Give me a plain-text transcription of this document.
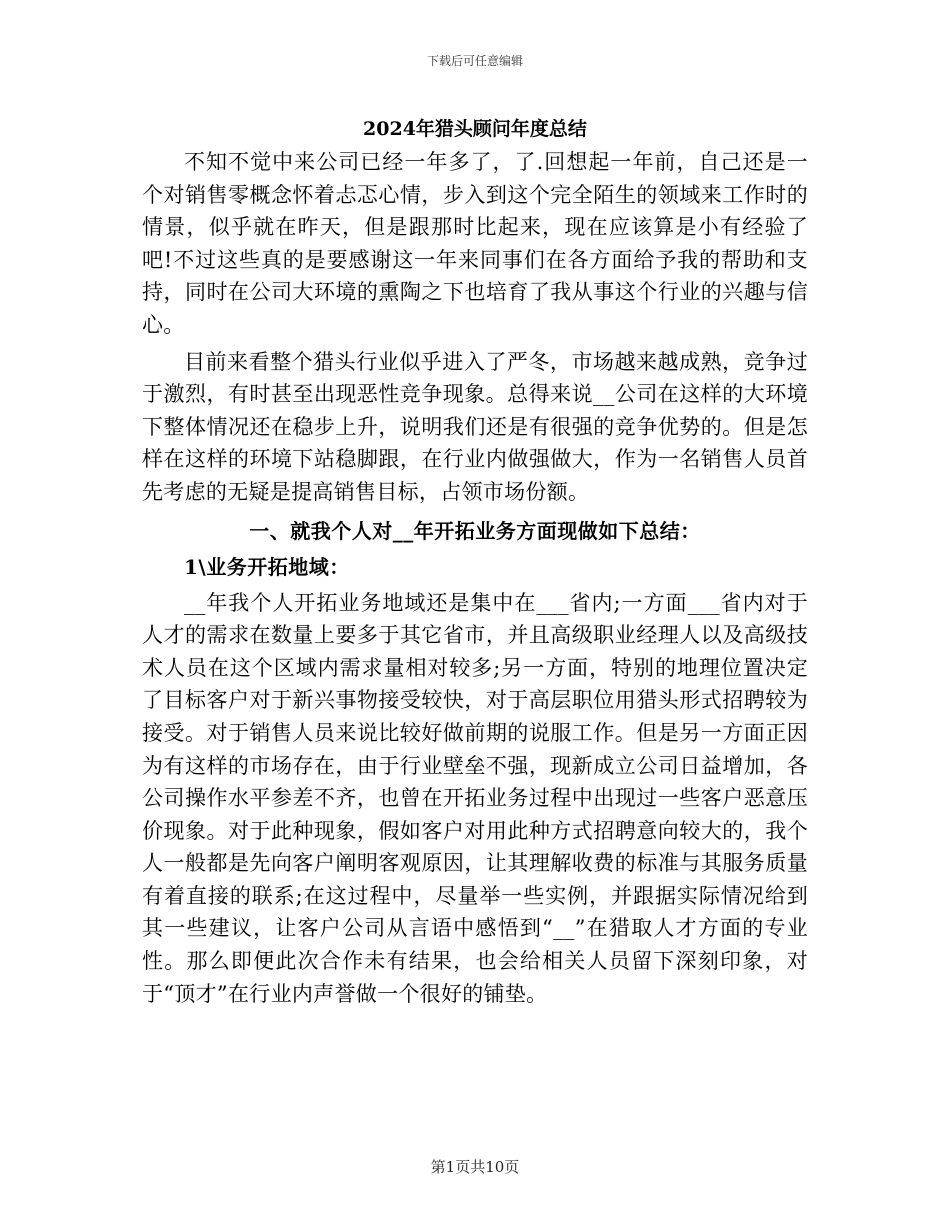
下载后可任意编辑
2024年猎头顾问年度总结

不知不觉中来公司已经一年多了，了.回想起一年前，自己还是一个对销售零概念怀着忐忑心情，步入到这个完全陌生的领域来工作时的情景，似乎就在昨天，但是跟那时比起来，现在应该算是小有经验了吧!不过这些真的是要感谢这一年来同事们在各方面给予我的帮助和支持，同时在公司大环境的熏陶之下也培育了我从事这个行业的兴趣与信心。

目前来看整个猎头行业似乎进入了严冬，市场越来越成熟，竞争过于激烈，有时甚至出现恶性竞争现象。总得来说__公司在这样的大环境下整体情况还在稳步上升，说明我们还是有很强的竞争优势的。但是怎样在这样的环境下站稳脚跟，在行业内做强做大，作为一名销售人员首先考虑的无疑是提高销售目标，占领市场份额。

一、就我个人对__年开拓业务方面现做如下总结：
1\业务开拓地域：

__年我个人开拓业务地域还是集中在___省内;一方面___省内对于人才的需求在数量上要多于其它省市，并且高级职业经理人以及高级技术人员在这个区域内需求量相对较多;另一方面，特别的地理位置决定了目标客户对于新兴事物接受较快，对于高层职位用猎头形式招聘较为接受。对于销售人员来说比较好做前期的说服工作。但是另一方面正因为有这样的市场存在，由于行业壁垒不强，现新成立公司日益增加，各公司操作水平参差不齐，也曾在开拓业务过程中出现过一些客户恶意压价现象。对于此种现象，假如客户对用此种方式招聘意向较大的，我个人一般都是先向客户阐明客观原因，让其理解收费的标准与其服务质量有着直接的联系;在这过程中，尽量举一些实例，并跟据实际情况给到其一些建议，让客户公司从言语中感悟到“__”在猎取人才方面的专业性。那么即便此次合作未有结果，也会给相关人员留下深刻印象，对于“顶才”在行业内声誉做一个很好的铺垫。

第1页共10页
